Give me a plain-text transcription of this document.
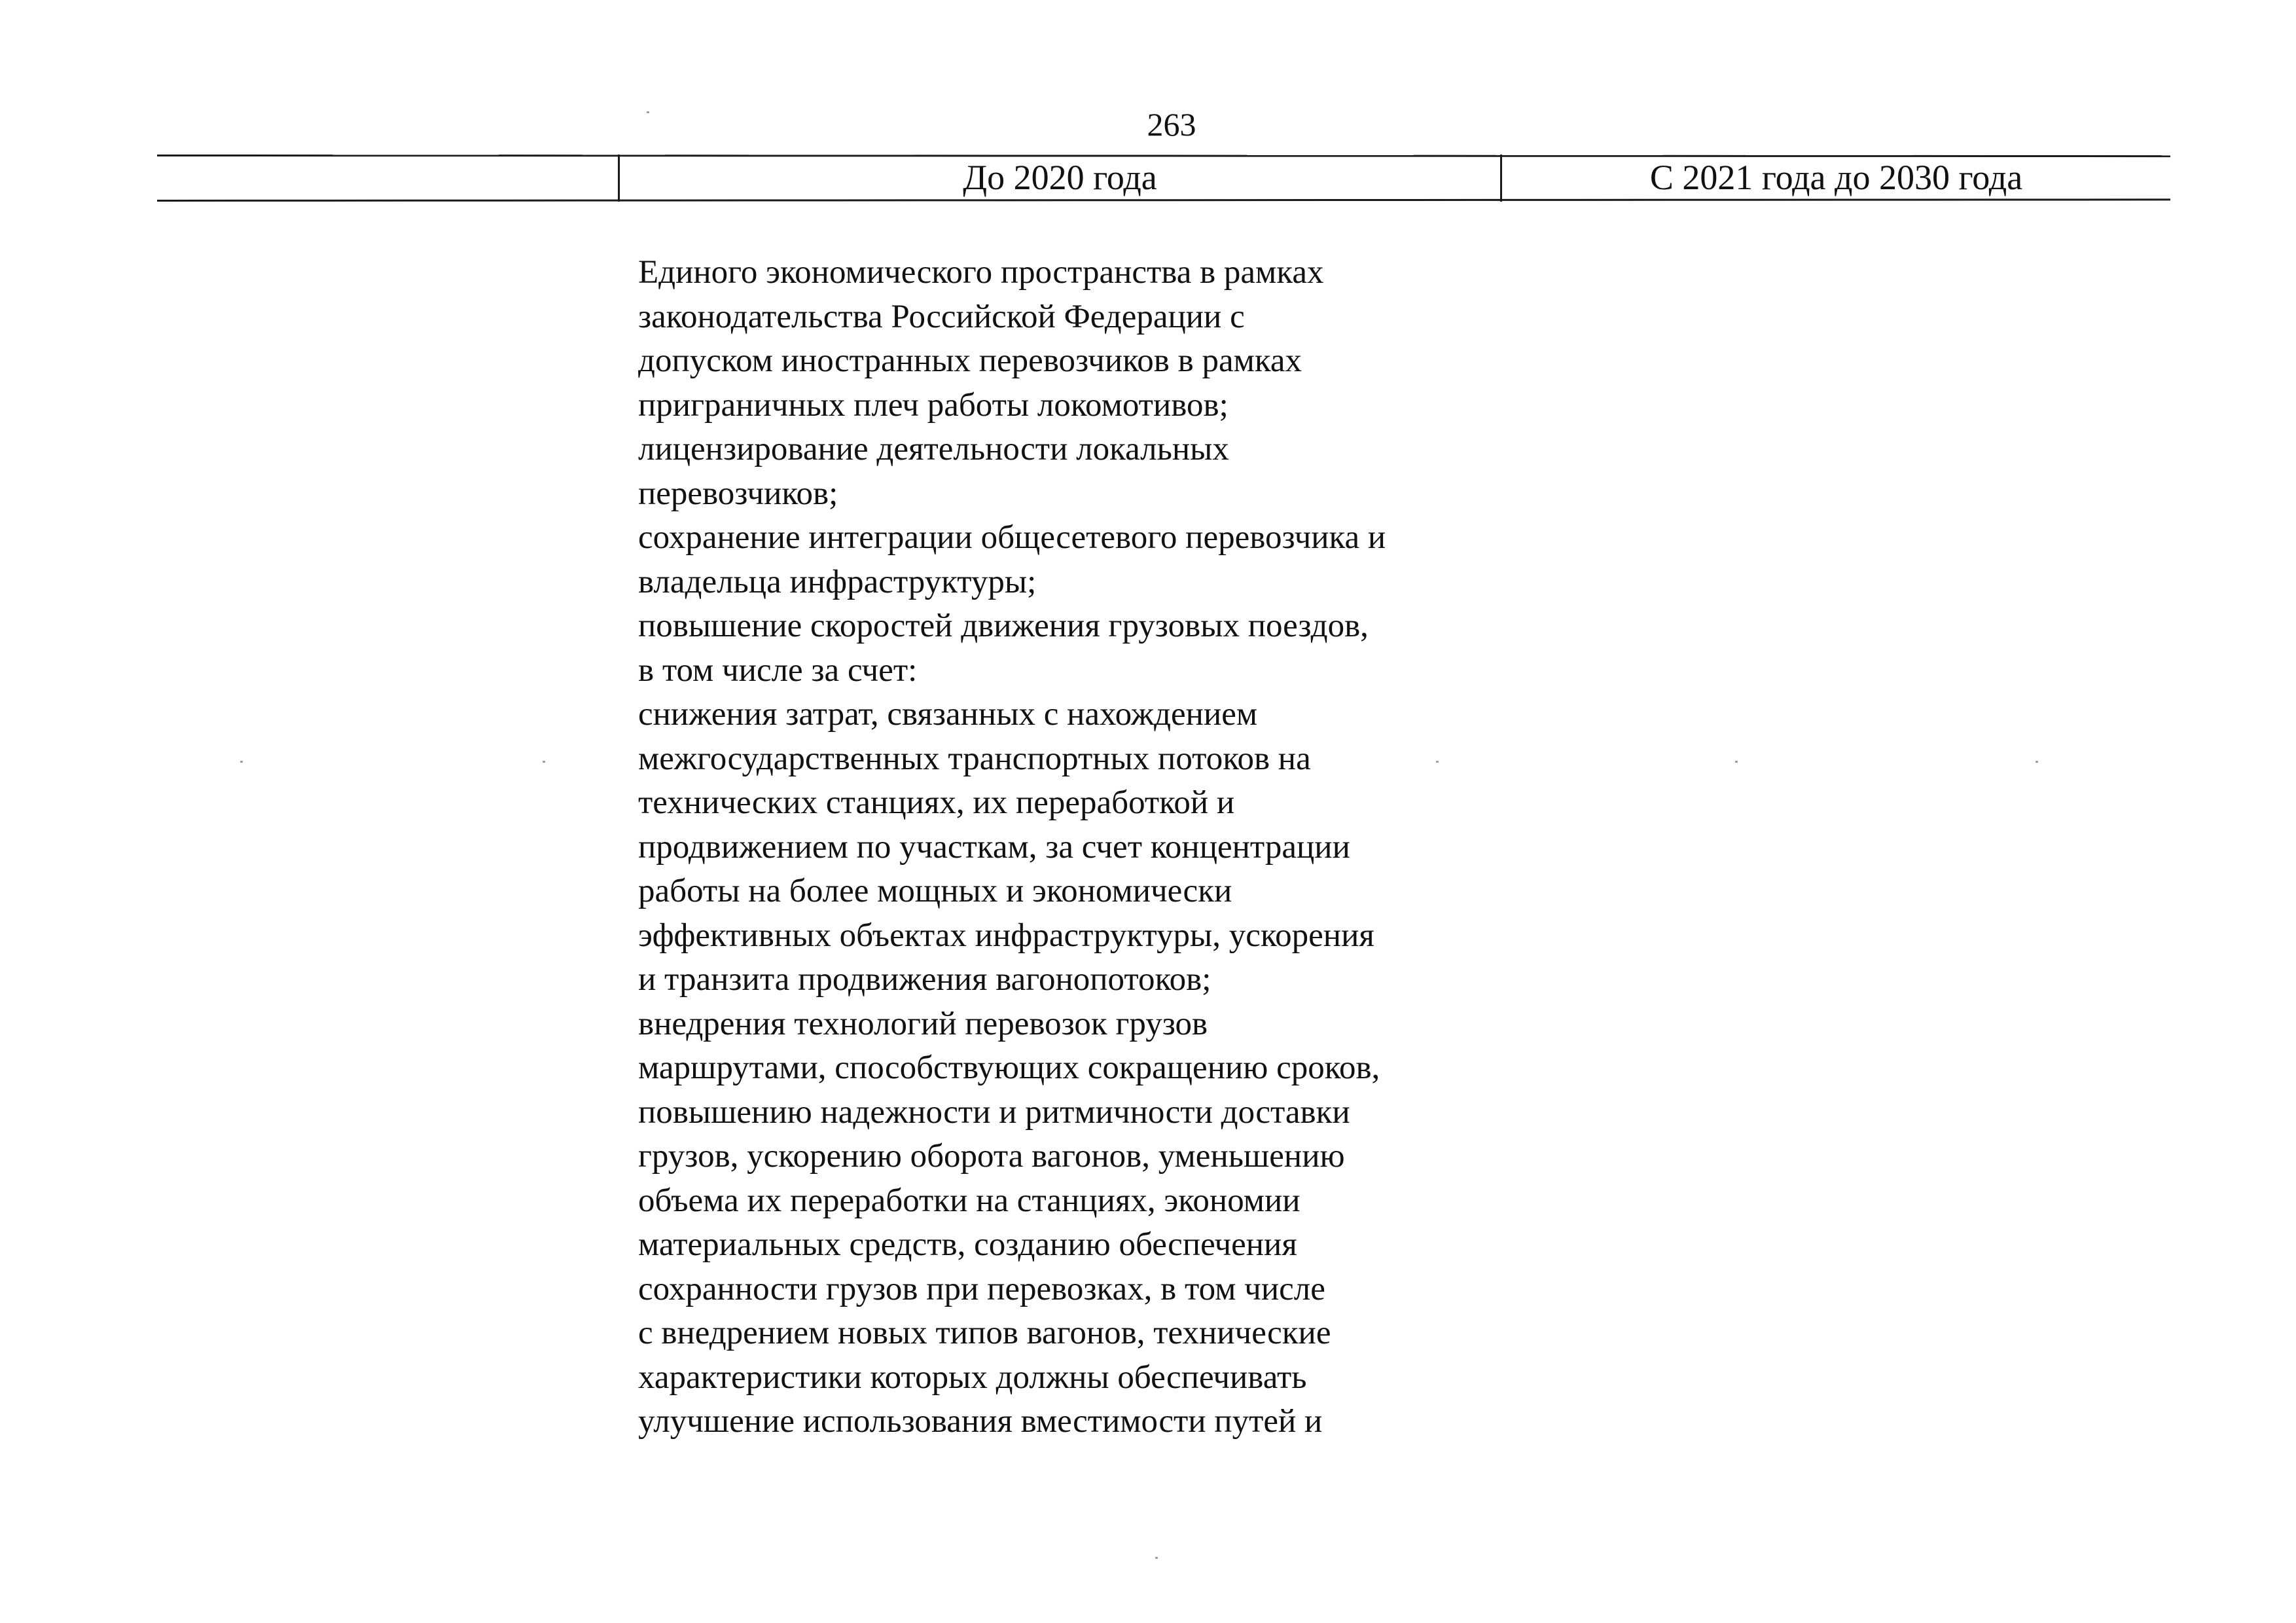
263
До 2020 года	С 2021 года до 2030 года
Единого экономического пространства в рамках
законодательства Российской Федерации с
допуском иностранных перевозчиков в рамках
приграничных плеч работы локомотивов;
лицензирование деятельности локальных
перевозчиков;
сохранение интеграции общесетевого перевозчика и
владельца инфраструктуры;
повышение скоростей движения грузовых поездов,
в том числе за счет:
снижения затрат, связанных с нахождением
межгосударственных транспортных потоков на
технических станциях, их переработкой и
продвижением по участкам, за счет концентрации
работы на более мощных и экономически
эффективных объектах инфраструктуры, ускорения
и транзита продвижения вагонопотоков;
внедрения технологий перевозок грузов
маршрутами, способствующих сокращению сроков,
повышению надежности и ритмичности доставки
грузов, ускорению оборота вагонов, уменьшению
объема их переработки на станциях, экономии
материальных средств, созданию обеспечения
сохранности грузов при перевозках, в том числе
с внедрением новых типов вагонов, технические
характеристики которых должны обеспечивать
улучшение использования вместимости путей и
